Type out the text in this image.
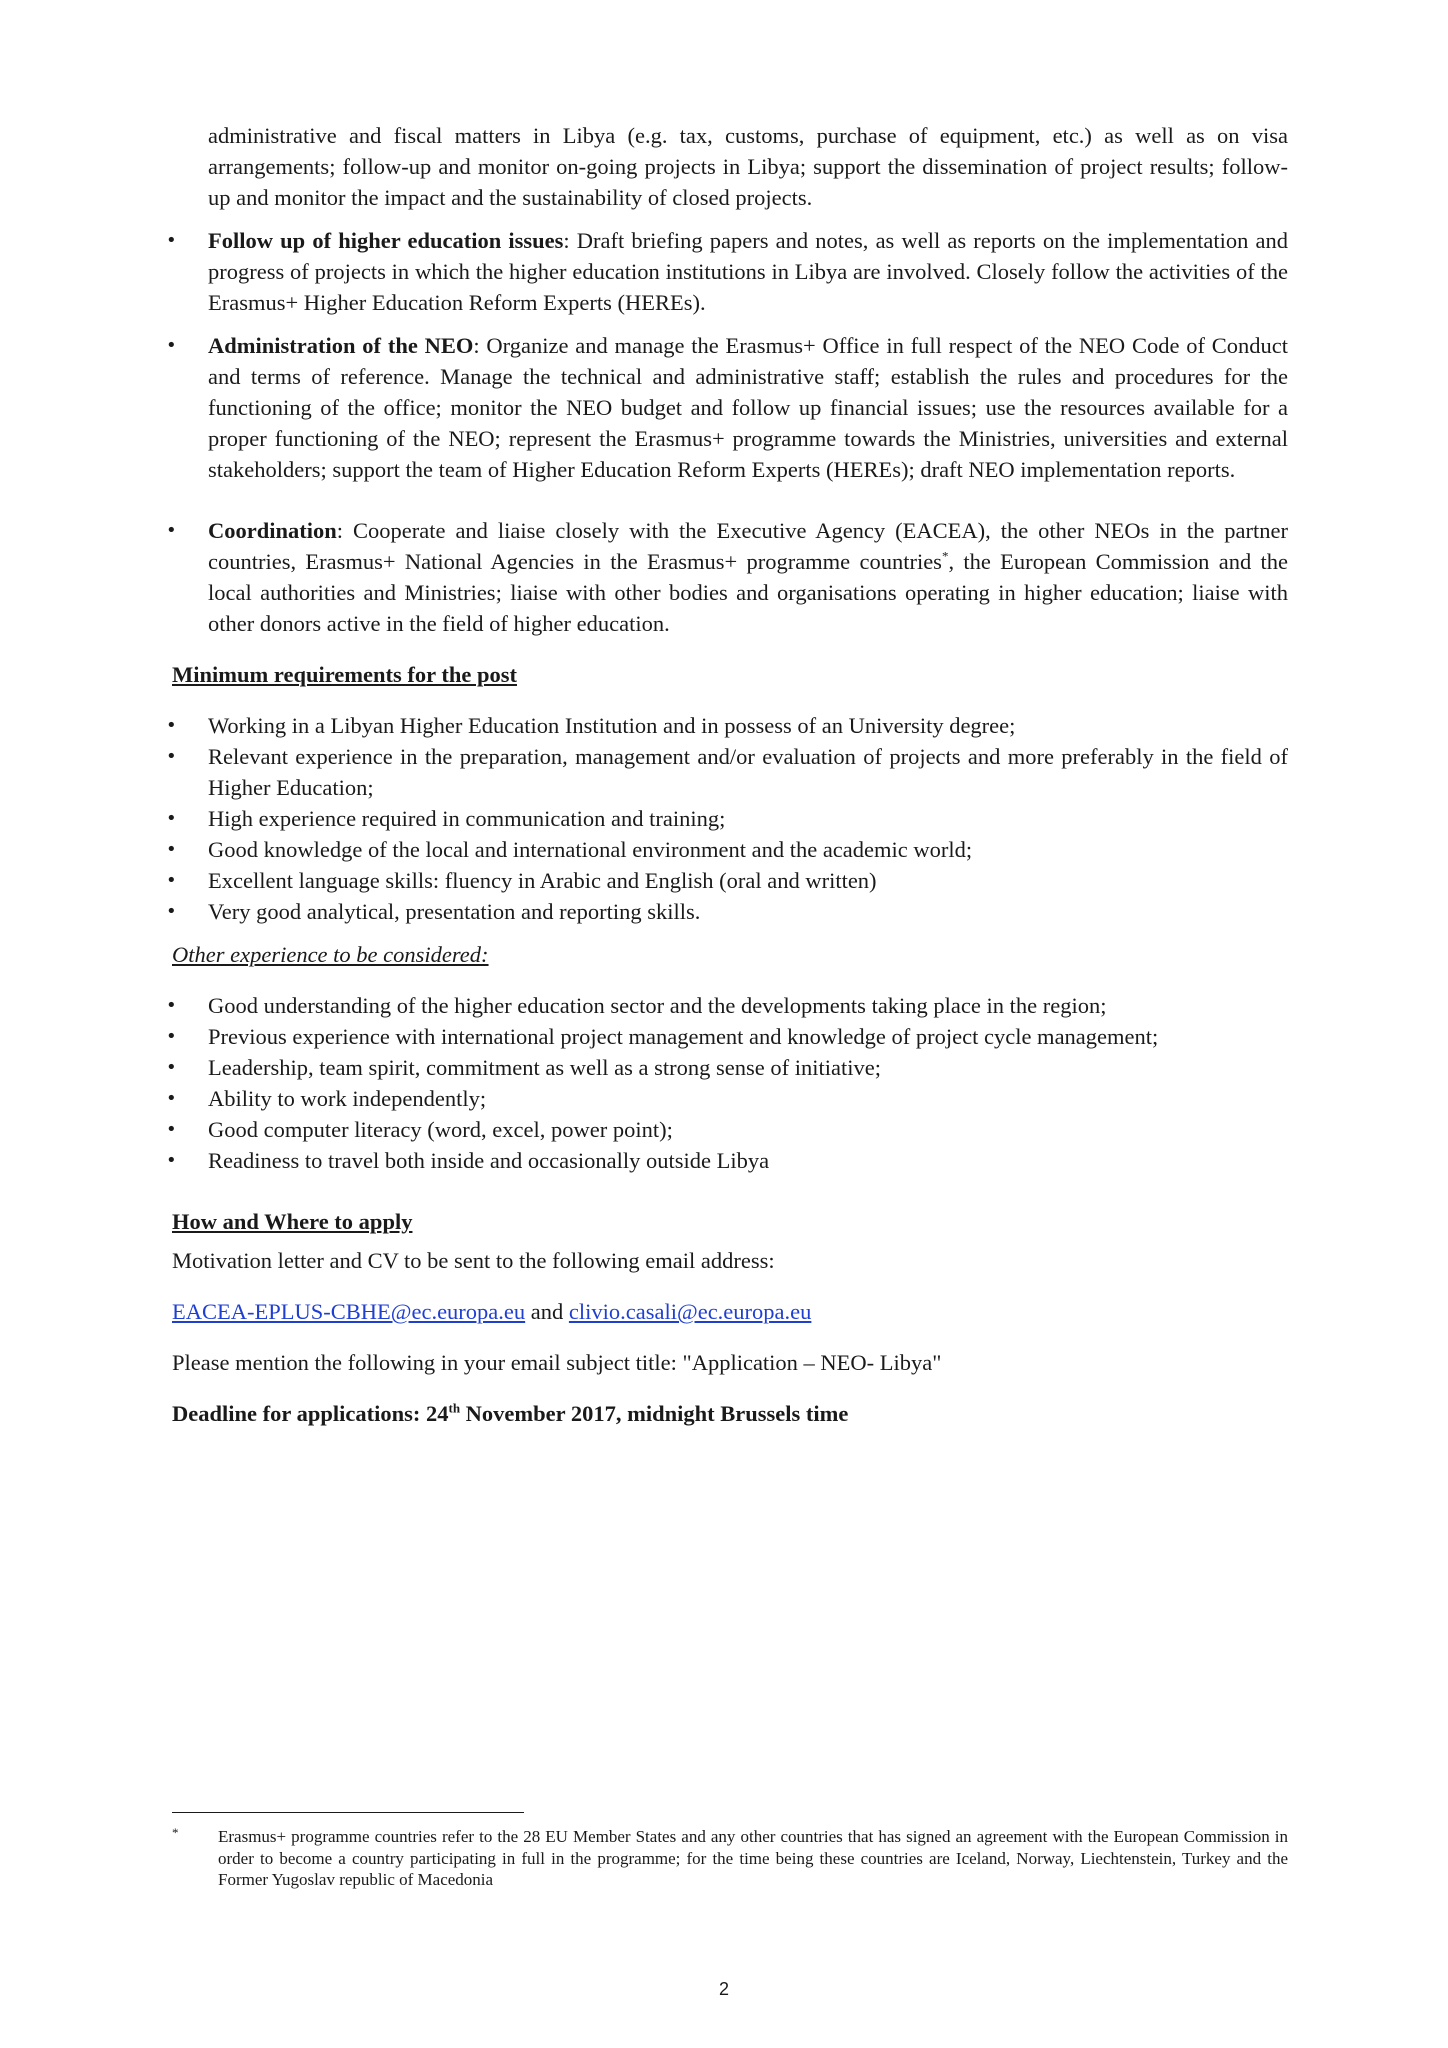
administrative and fiscal matters in Libya (e.g. tax, customs, purchase of equipment, etc.) as well as on visa arrangements; follow-up and monitor on-going projects in Libya; support the dissemination of project results; follow-up and monitor the impact and the sustainability of closed projects.

• Follow up of higher education issues: Draft briefing papers and notes, as well as reports on the implementation and progress of projects in which the higher education institutions in Libya are involved. Closely follow the activities of the Erasmus+ Higher Education Reform Experts (HEREs).
• Administration of the NEO: Organize and manage the Erasmus+ Office in full respect of the NEO Code of Conduct and terms of reference. Manage the technical and administrative staff; establish the rules and procedures for the functioning of the office; monitor the NEO budget and follow up financial issues; use the resources available for a proper functioning of the NEO; represent the Erasmus+ programme towards the Ministries, universities and external stakeholders; support the team of Higher Education Reform Experts (HEREs); draft NEO implementation reports.
• Coordination: Cooperate and liaise closely with the Executive Agency (EACEA), the other NEOs in the partner countries, Erasmus+ National Agencies in the Erasmus+ programme countries*, the European Commission and the local authorities and Ministries; liaise with other bodies and organisations operating in higher education; liaise with other donors active in the field of higher education.
Minimum requirements for the post
• Working in a Libyan Higher Education Institution and in possess of an University degree;
• Relevant experience in the preparation, management and/or evaluation of projects and more preferably in the field of Higher Education;
• High experience required in communication and training;
• Good knowledge of the local and international environment and the academic world;
• Excellent language skills: fluency in Arabic and English (oral and written)
• Very good analytical, presentation and reporting skills.

Other experience to be considered:

• Good understanding of the higher education sector and the developments taking place in the region;
• Previous experience with international project management and knowledge of project cycle management;
• Leadership, team spirit, commitment as well as a strong sense of initiative;
• Ability to work independently;
• Good computer literacy (word, excel, power point);
• Readiness to travel both inside and occasionally outside Libya
How and Where to apply

Motivation letter and CV to be sent to the following email address:

EACEA-EPLUS-CBHE@ec.europa.eu and clivio.casali@ec.europa.eu

Please mention the following in your email subject title: "Application – NEO- Libya"

Deadline for applications: 24th November 2017, midnight Brussels time

*	Erasmus+ programme countries refer to the 28 EU Member States and any other countries that has signed an agreement with the European Commission in order to become a country participating in full in the programme; for the time being these countries are Iceland, Norway, Liechtenstein, Turkey and the Former Yugoslav republic of Macedonia
2
